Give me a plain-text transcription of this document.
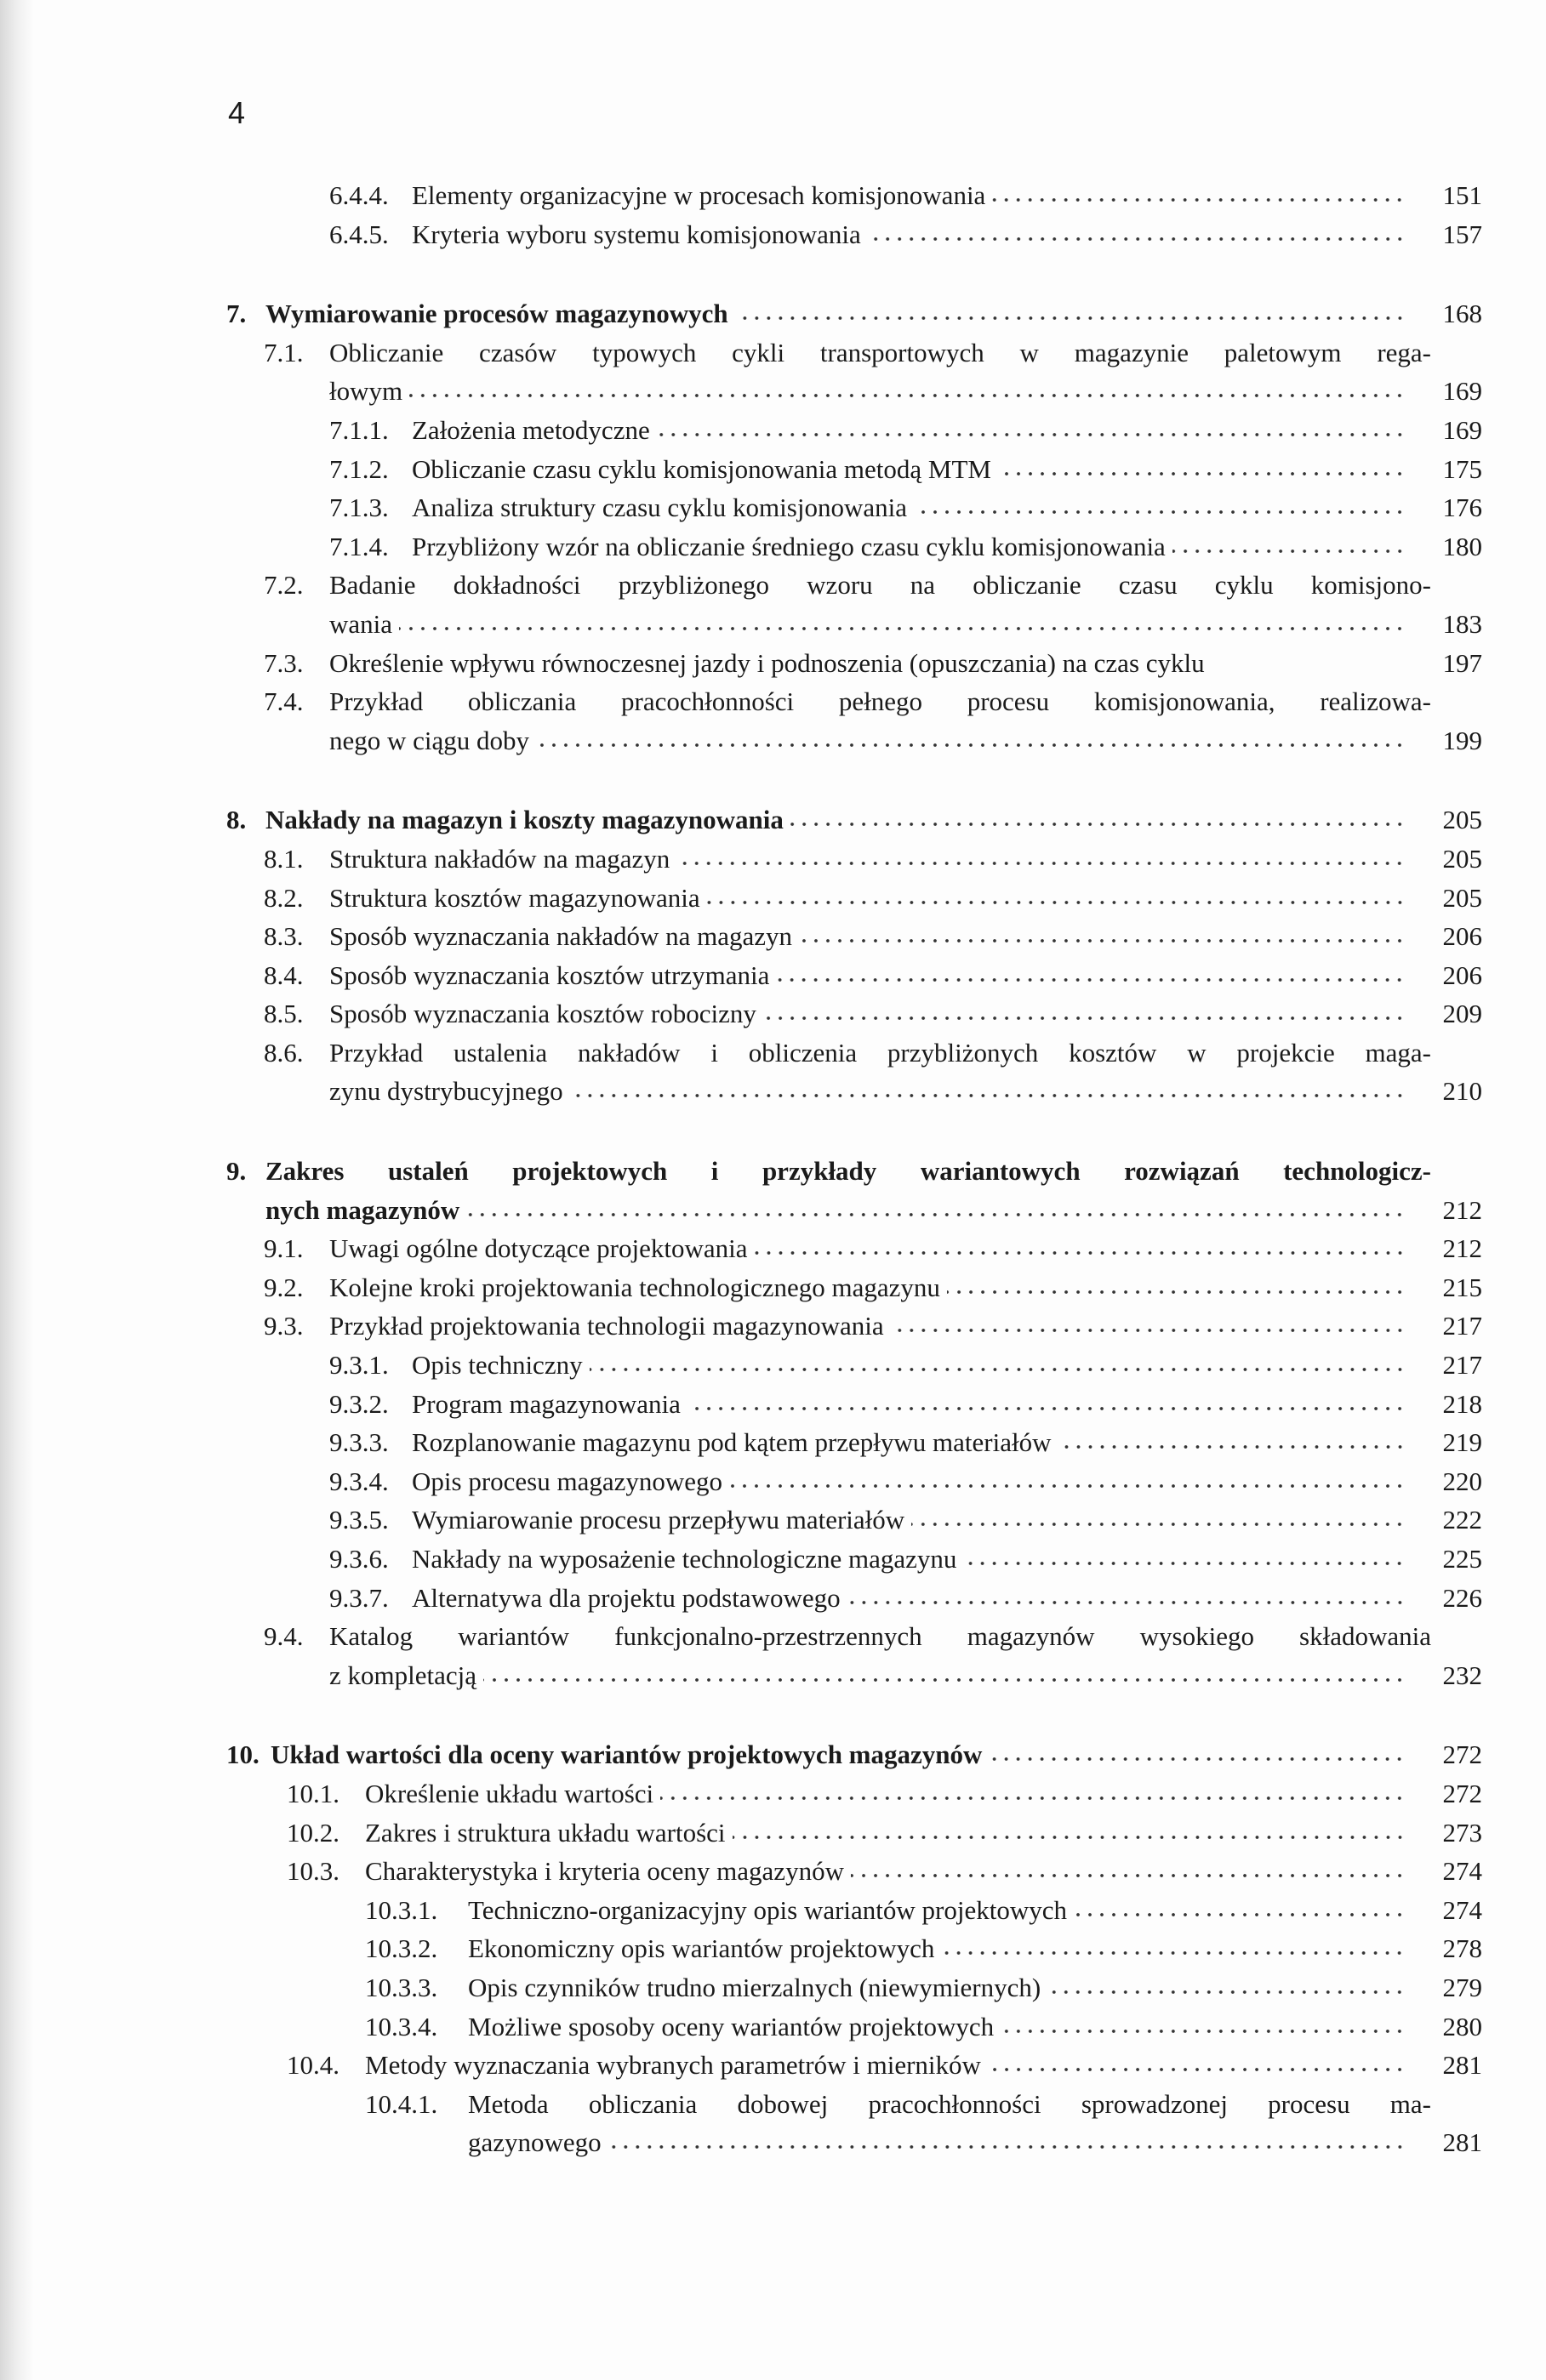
4
6.4.4. Elementy organizacyjne w procesach komisjonowania	151
6.4.5. Kryteria wyboru systemu komisjonowania	157
7. Wymiarowanie procesów magazynowych	168
7.1. Obliczanie czasów typowych cykli transportowych w magazynie paletowym rega-
łowym	169
7.1.1. Założenia metodyczne	169
7.1.2. Obliczanie czasu cyklu komisjonowania metodą MTM	175
7.1.3. Analiza struktury czasu cyklu komisjonowania	176
7.1.4. Przybliżony wzór na obliczanie średniego czasu cyklu komisjonowania	180
7.2. Badanie dokładności przybliżonego wzoru na obliczanie czasu cyklu komisjono-
wania	183
7.3. Określenie wpływu równoczesnej jazdy i podnoszenia (opuszczania) na czas cyklu	197
7.4. Przykład obliczania pracochłonności pełnego procesu komisjonowania, realizowa-
nego w ciągu doby	199
8. Nakłady na magazyn i koszty magazynowania	205
8.1. Struktura nakładów na magazyn	205
8.2. Struktura kosztów magazynowania	205
8.3. Sposób wyznaczania nakładów na magazyn	206
8.4. Sposób wyznaczania kosztów utrzymania	206
8.5. Sposób wyznaczania kosztów robocizny	209
8.6. Przykład ustalenia nakładów i obliczenia przybliżonych kosztów w projekcie maga-
zynu dystrybucyjnego	210
9. Zakres ustaleń projektowych i przykłady wariantowych rozwiązań technologicz-
nych magazynów	212
9.1. Uwagi ogólne dotyczące projektowania	212
9.2. Kolejne kroki projektowania technologicznego magazynu	215
9.3. Przykład projektowania technologii magazynowania	217
9.3.1. Opis techniczny	217
9.3.2. Program magazynowania	218
9.3.3. Rozplanowanie magazynu pod kątem przepływu materiałów	219
9.3.4. Opis procesu magazynowego	220
9.3.5. Wymiarowanie procesu przepływu materiałów	222
9.3.6. Nakłady na wyposażenie technologiczne magazynu	225
9.3.7. Alternatywa dla projektu podstawowego	226
9.4. Katalog wariantów funkcjonalno-przestrzennych magazynów wysokiego składowania
z kompletacją	232
10. Układ wartości dla oceny wariantów projektowych magazynów	272
10.1. Określenie układu wartości	272
10.2. Zakres i struktura układu wartości	273
10.3. Charakterystyka i kryteria oceny magazynów	274
10.3.1. Techniczno-organizacyjny opis wariantów projektowych	274
10.3.2. Ekonomiczny opis wariantów projektowych	278
10.3.3. Opis czynników trudno mierzalnych (niewymiernych)	279
10.3.4. Możliwe sposoby oceny wariantów projektowych	280
10.4. Metody wyznaczania wybranych parametrów i mierników	281
10.4.1. Metoda obliczania dobowej pracochłonności sprowadzonej procesu ma-
gazynowego	281
